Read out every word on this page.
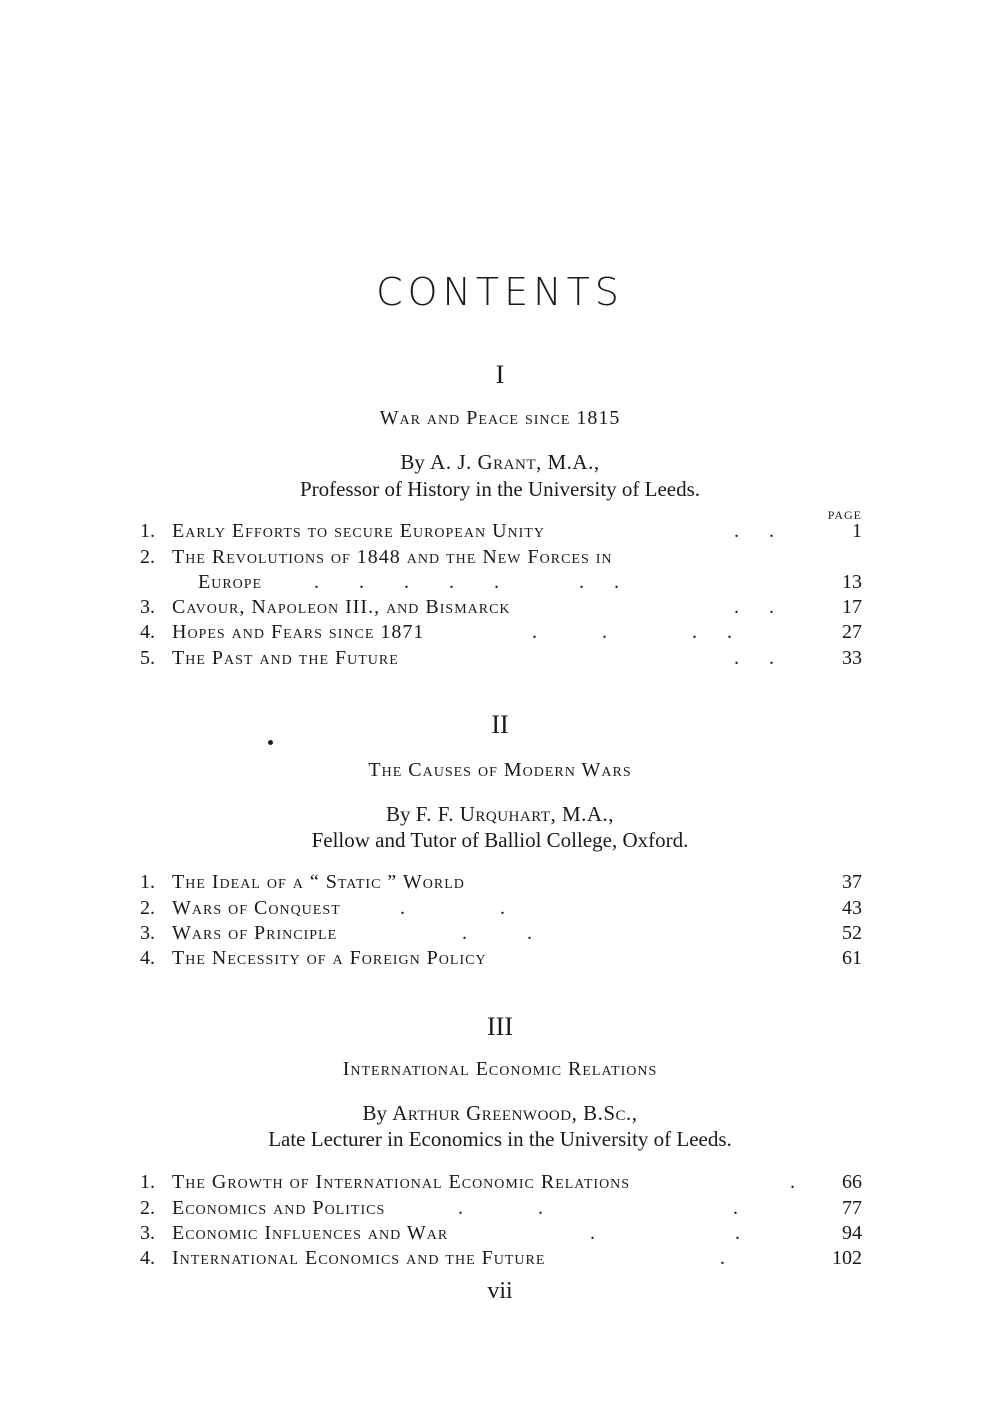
CONTENTS
I
War and Peace since 1815
By A. J. Grant, M.A.,
Professor of History in the University of Leeds.
PAGE
1. Early Efforts to secure European Unity	.      .	1
2. The Revolutions of 1848 and the New Forces in
Europe	.        .        .        .        .                .      .	13
3. Cavour, Napoleon III., and Bismarck	.      .	17
4. Hopes and Fears since 1871	.             .                 .      .	27
5. The Past and the Future	.      .	33
II
The Causes of Modern Wars
By F. F. Urquhart, M.A.,
Fellow and Tutor of Balliol College, Oxford.
1. The Ideal of a “ Static ” World	37
2. Wars of Conquest	.                   .	43
3. Wars of Principle	.            .	52
4. The Necessity of a Foreign Policy	61
III
International Economic Relations
By Arthur Greenwood, B.Sc.,
Late Lecturer in Economics in the University of Leeds.
1. The Growth of International Economic Relations	. 66
2. Economics and Politics	.               .                                      .	77
3. Economic Influences and War	.                            .	94
4. International Economics and the Future	.	102
vii
